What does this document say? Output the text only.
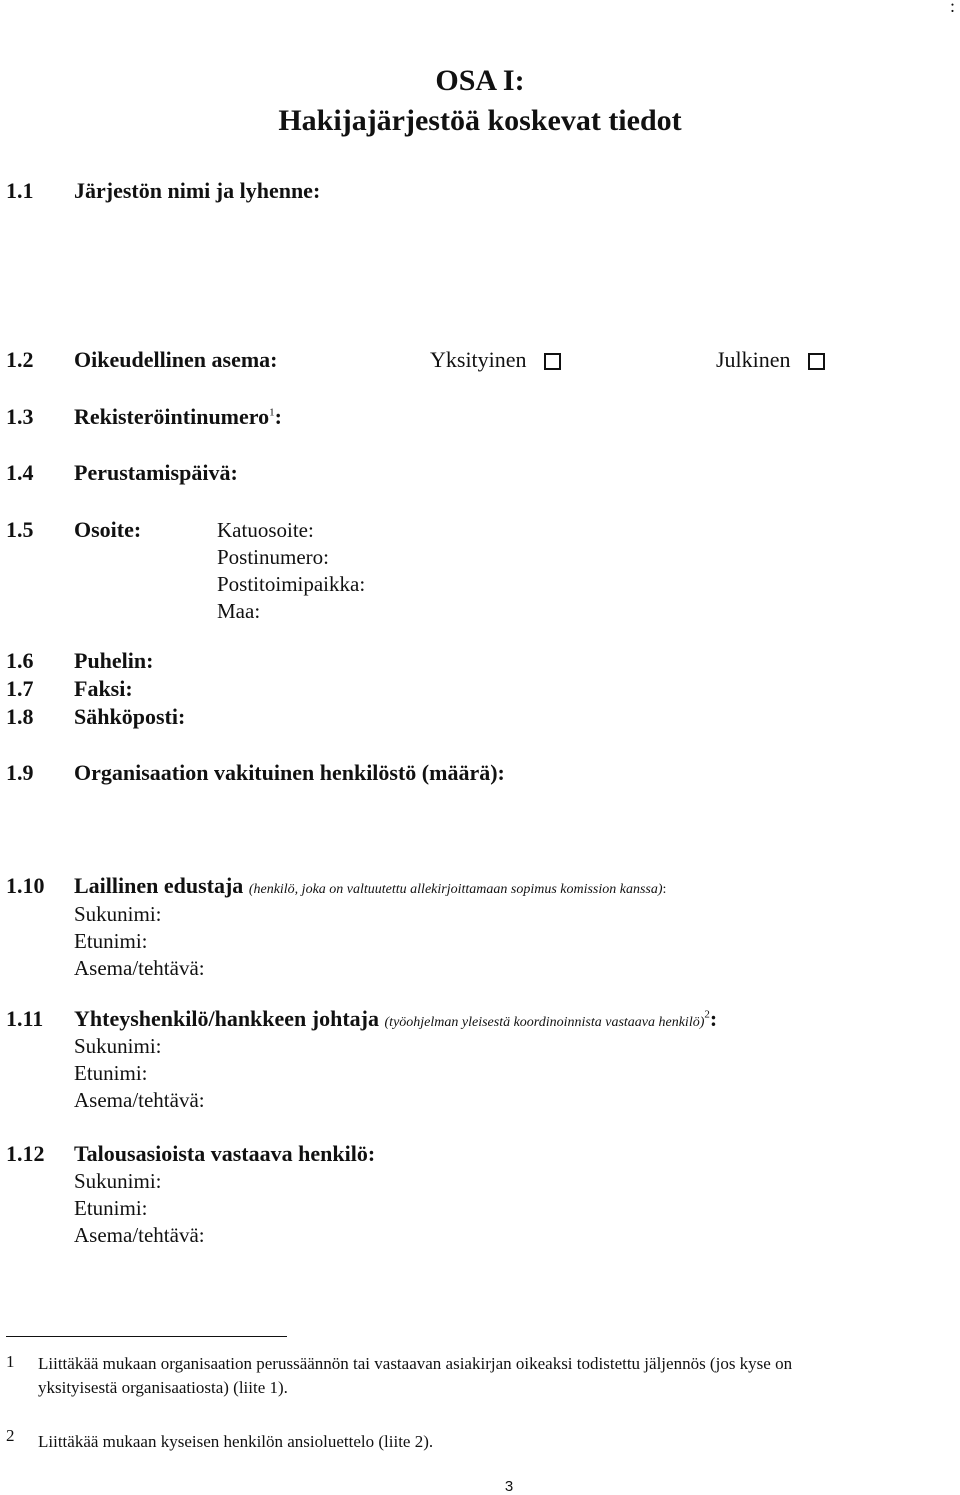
:
OSA I:
Hakijajärjestöä koskevat tiedot
1.1 Järjestön nimi ja lyhenne:
1.2 Oikeudellinen asema:	Yksityinen	Julkinen
1.3 Rekisteröintinumero$^1$:
1.4 Perustamispäivä:
1.5 Osoite:	Katuosoite:
Postinumero:
Postitoimipaikka:
Maa:
1.6 Puhelin:
1.7 Faksi:
1.8 Sähköposti:
1.9 Organisaation vakituinen henkilöstö (määrä):
1.10 Laillinen edustaja (henkilö, joka on valtuutettu allekirjoittamaan sopimus komission kanssa):
Sukunimi:
Etunimi:
Asema/tehtävä:
1.11 Yhteyshenkilö/hankkeen johtaja (työohjelman yleisestä koordinoinnista vastaava henkilö)$^2$:
Sukunimi:
Etunimi:
Asema/tehtävä:
1.12 Talousasioista vastaava henkilö:
Sukunimi:
Etunimi:
Asema/tehtävä:
1 Liittäkää mukaan organisaation perussäännön tai vastaavan asiakirjan oikeaksi todistettu jäljennös (jos kyse on
yksityisestä organisaatiosta) (liite 1).
2 Liittäkää mukaan kyseisen henkilön ansioluettelo (liite 2).
3
